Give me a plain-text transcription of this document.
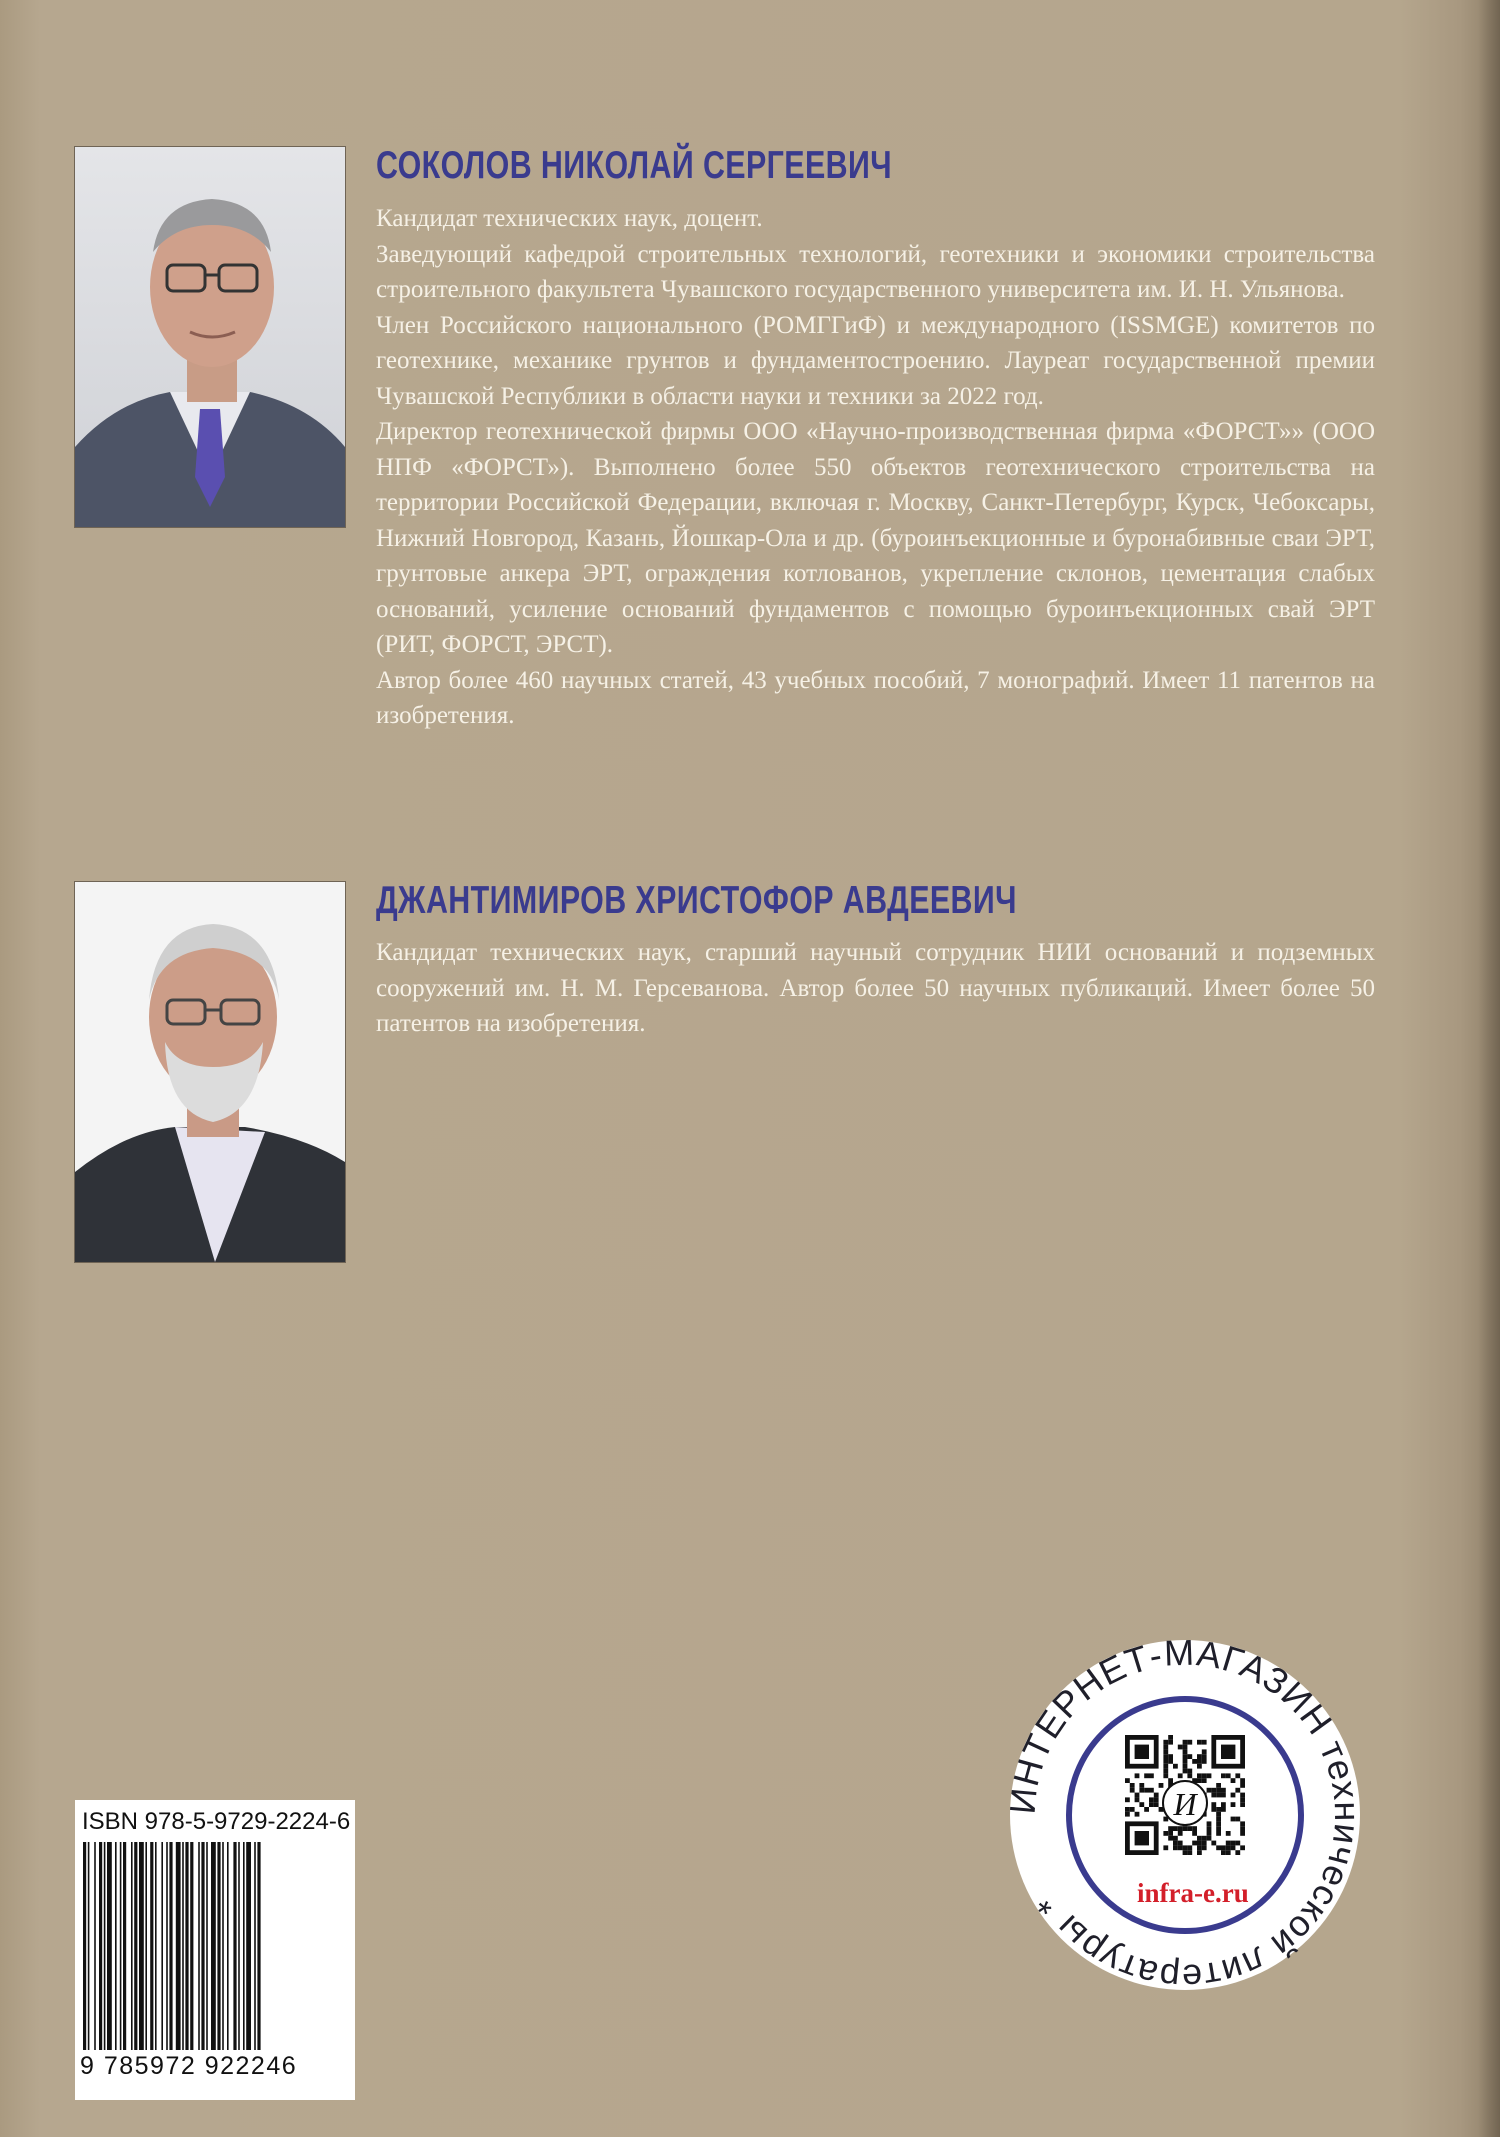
СОКОЛОВ НИКОЛАЙ СЕРГЕЕВИЧ

Кандидат технических наук, доцент.

Заведующий кафедрой строительных технологий, геотехники и экономики строительства строительного факультета Чувашского государственного университета им. И. Н. Ульянова.

Член Российского национального (РОМГГиФ) и международного (ISSMGE) комитетов по геотехнике, механике грунтов и фундаментостроению. Лауреат государственной премии Чувашской Республики в области науки и техники за 2022 год.

Директор геотехнической фирмы ООО «Научно-производственная фирма «ФОРСТ»» (ООО НПФ «ФОРСТ»). Выполнено более 550 объектов геотехнического строительства на территории Российской Федерации, включая г. Москву, Санкт-Петербург, Курск, Чебоксары, Нижний Новгород, Казань, Йошкар-Ола и др. (буроинъекционные и буронабивные сваи ЭРТ, грунтовые анкера ЭРТ, ограждения котлованов, укрепление склонов, цементация слабых оснований, усиление оснований фундаментов с помощью буроинъекционных свай ЭРТ (РИТ, ФОРСТ, ЭРСТ).

Автор более 460 научных статей, 43 учебных пособий, 7 монографий. Имеет 11 патентов на изобретения.

ДЖАНТИМИРОВ ХРИСТОФОР АВДЕЕВИЧ

Кандидат технических наук, старший научный сотрудник НИИ оснований и подземных сооружений им. Н. М. Герсеванова. Автор более 50 научных публикаций. Имеет более 50 патентов на изобретения.

ISBN 978-5-9729-2224-6
9 785972 922246
ИНТЕРНЕТ-МАГАЗИН технической литературы *
И
infra-e.ru
